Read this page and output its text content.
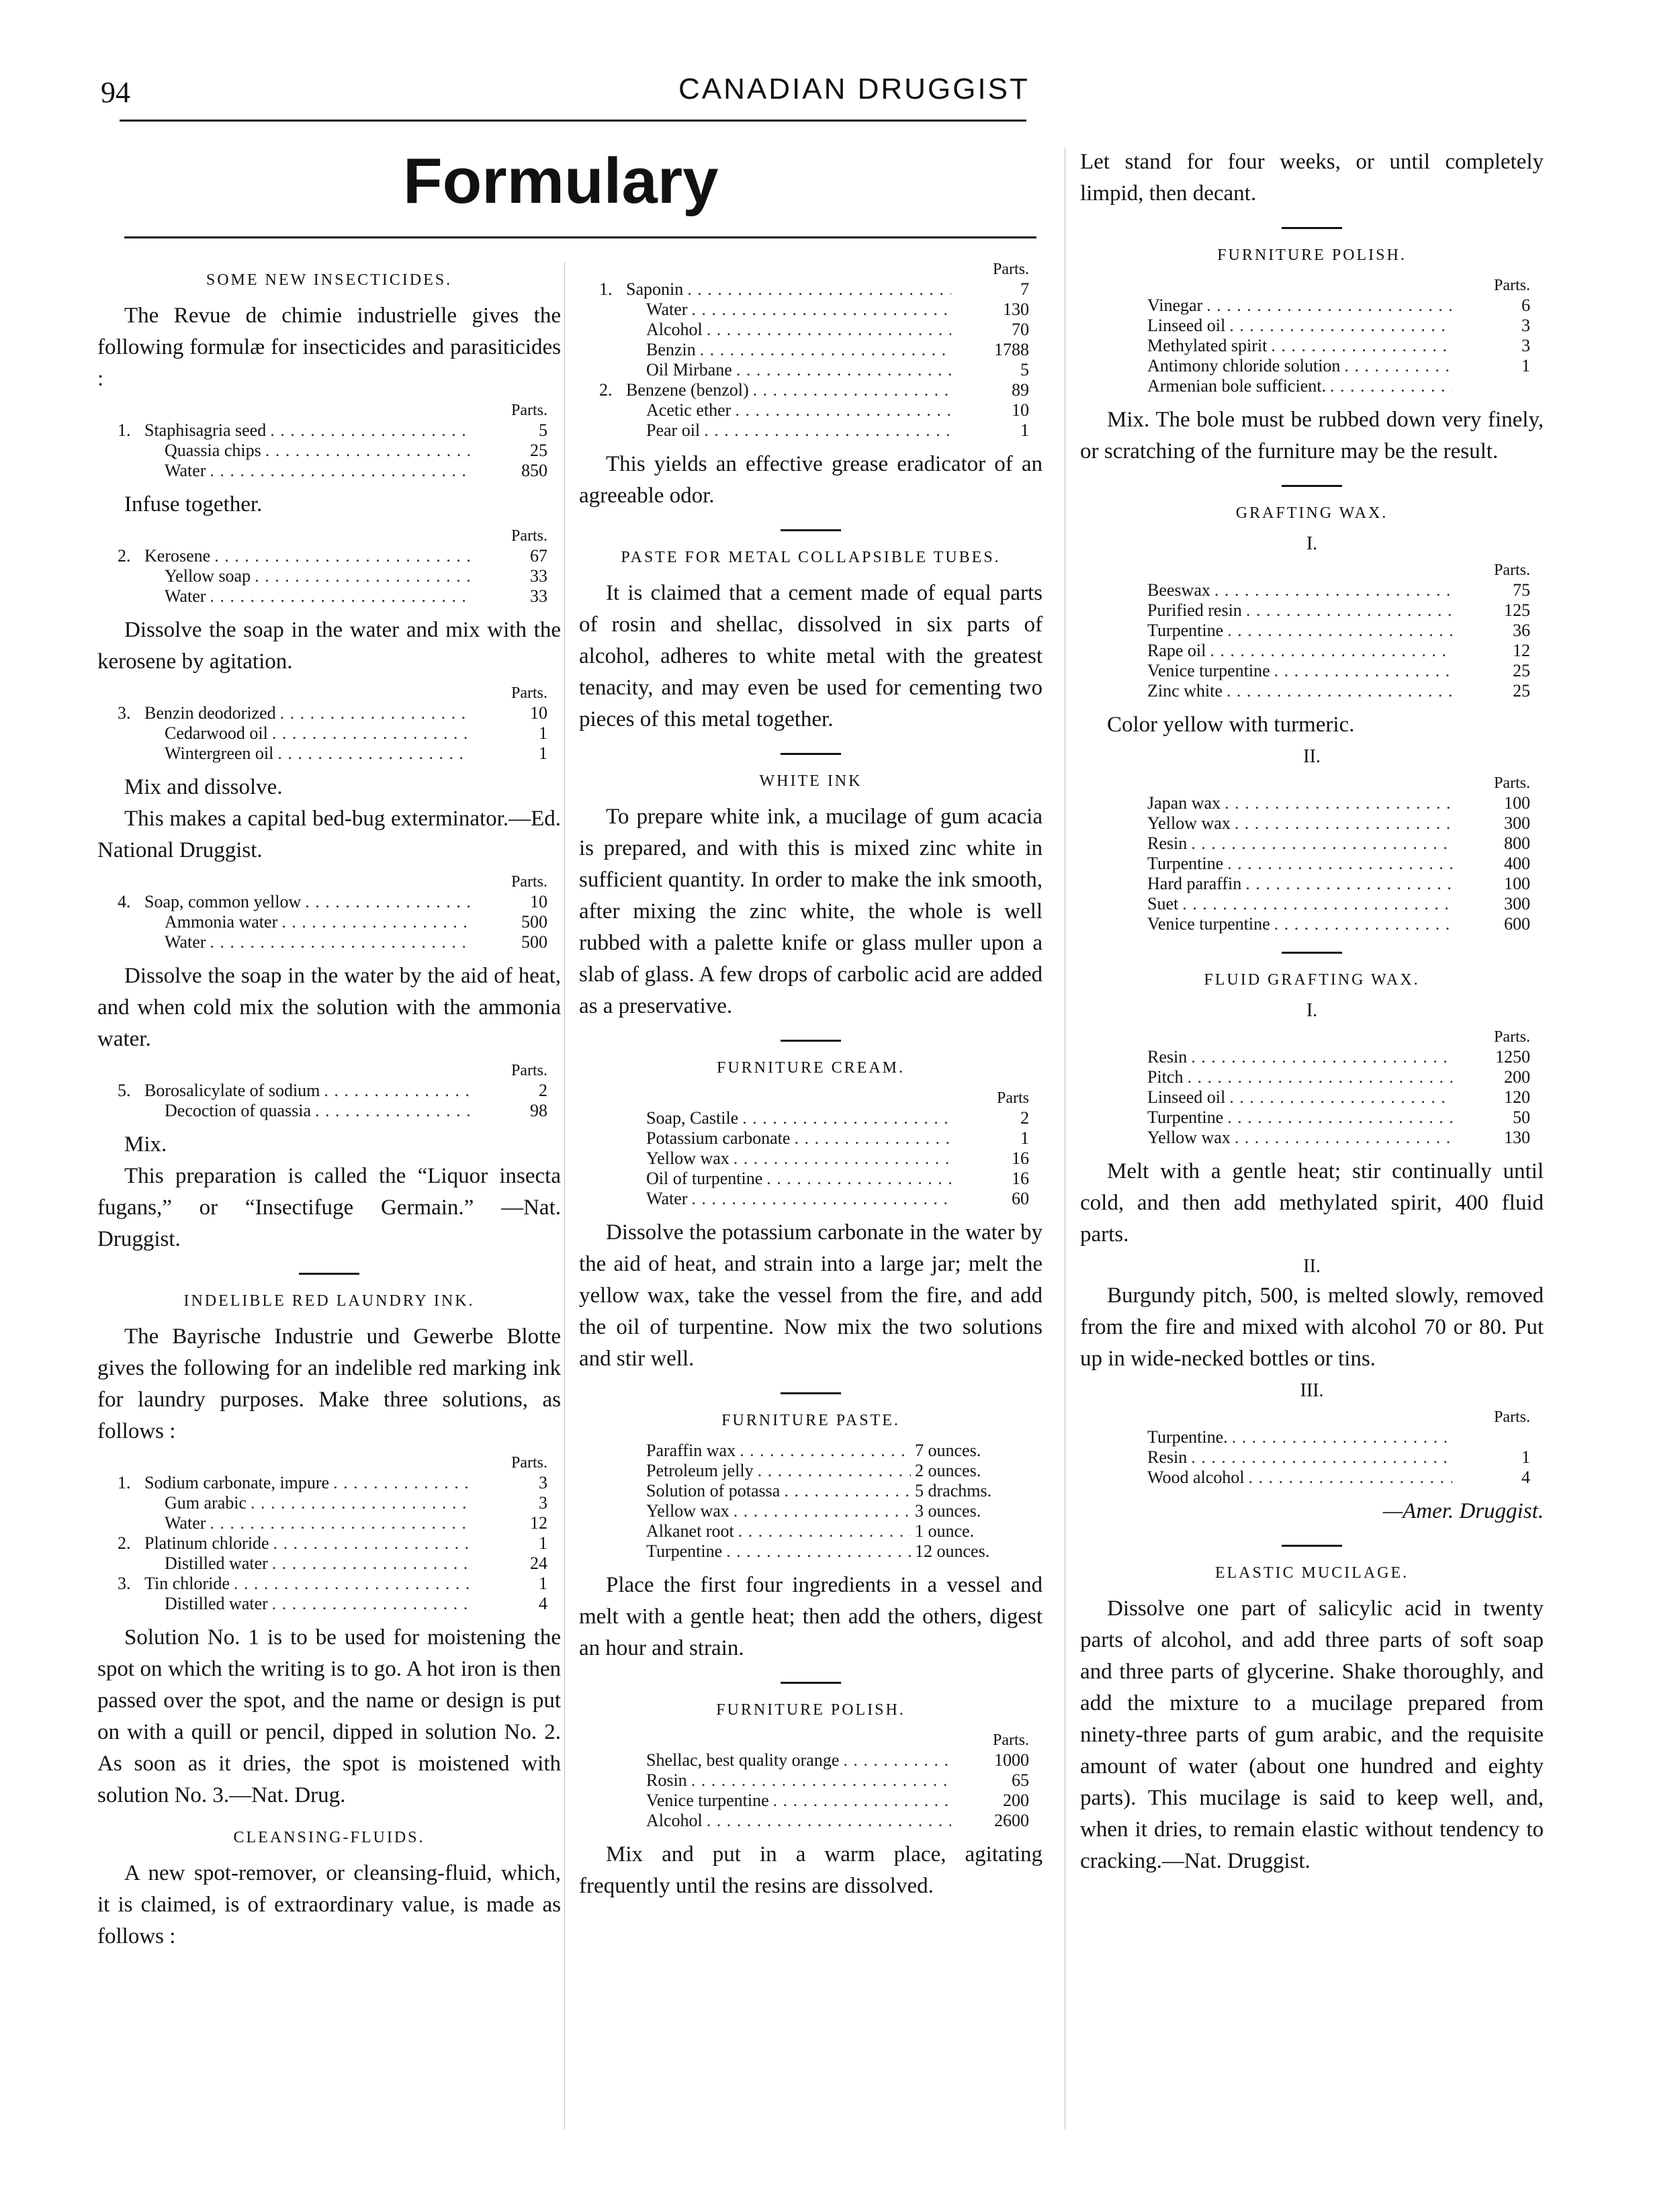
94	CANADIAN DRUGGIST
Formulary
SOME NEW INSECTICIDES.

The Revue de chimie industrielle gives the following formulæ for insecticides and parasiticides :

Parts.
1. Staphisagria seed . . .	5
Quassia chips . . .	25
Water . . .	850

Infuse together.

Parts.
2. Kerosene . . .	67
Yellow soap . . .	33
Water . . .	33

Dissolve the soap in the water and mix with the kerosene by agitation.

Parts.
3. Benzin deodorized . . .	10
Cedarwood oil . . .	1
Wintergreen oil . . .	1

Mix and dissolve.

This makes a capital bed-bug exterminator.—Ed. National Druggist.

Parts.
4. Soap, common yellow . . .	10
Ammonia water . . .	500
Water . . .	500

Dissolve the soap in the water by the aid of heat, and when cold mix the solution with the ammonia water.

Parts.
5. Borosalicylate of sodium . . .	2
Decoction of quassia . . .	98

Mix.

This preparation is called the “Liquor insecta fugans,” or “Insectifuge Germain.” —Nat. Druggist.

INDELIBLE RED LAUNDRY INK.

The Bayrische Industrie und Gewerbe Blotte gives the following for an indelible red marking ink for laundry purposes. Make three solutions, as follows :

Parts.
1. Sodium carbonate, impure . . .	3
Gum arabic . . .	3
Water . . .	12
2. Platinum chloride . . .	1
Distilled water . . .	24
3. Tin chloride . . .	1
Distilled water . . .	4

Solution No. 1 is to be used for moistening the spot on which the writing is to go. A hot iron is then passed over the spot, and the name or design is put on with a quill or pencil, dipped in solution No. 2. As soon as it dries, the spot is moistened with solution No. 3.—Nat. Drug.

CLEANSING-FLUIDS.

A new spot-remover, or cleansing-fluid, which, it is claimed, is of extraordinary value, is made as follows :

Parts.
1. Saponin . . .	7
Water . . .	130
Alcohol . . .	70
Benzin . . .	1788
Oil Mirbane . . .	5
2. Benzene (benzol) . . .	89
Acetic ether . . .	10
Pear oil . . .	1

This yields an effective grease eradicator of an agreeable odor.

PASTE FOR METAL COLLAPSIBLE TUBES.

It is claimed that a cement made of equal parts of rosin and shellac, dissolved in six parts of alcohol, adheres to white metal with the greatest tenacity, and may even be used for cementing two pieces of this metal together.

WHITE INK

To prepare white ink, a mucilage of gum acacia is prepared, and with this is mixed zinc white in sufficient quantity. In order to make the ink smooth, after mixing the zinc white, the whole is well rubbed with a palette knife or glass muller upon a slab of glass. A few drops of carbolic acid are added as a preservative.

FURNITURE CREAM.
Parts
Soap, Castile . . .	2
Potassium carbonate . . .	1
Yellow wax . . .	16
Oil of turpentine . . .	16
Water . . .	60

Dissolve the potassium carbonate in the water by the aid of heat, and strain into a large jar; melt the yellow wax, take the vessel from the fire, and add the oil of turpentine. Now mix the two solutions and stir well.

FURNITURE PASTE.
Paraffin wax . . .	7 ounces.
Petroleum jelly . . .	2 ounces.
Solution of potassa . . .	5 drachms.
Yellow wax . . .	3 ounces.
Alkanet root . . .	1 ounce.
Turpentine . . .	12 ounces.

Place the first four ingredients in a vessel and melt with a gentle heat; then add the others, digest an hour and strain.

FURNITURE POLISH.
Parts.
Shellac, best quality orange . . .	1000
Rosin . . .	65
Venice turpentine . . .	200
Alcohol . . .	2600

Mix and put in a warm place, agitating frequently until the resins are dissolved.

Let stand for four weeks, or until completely limpid, then decant.

FURNITURE POLISH.
Parts.
Vinegar . . .	6
Linseed oil . . .	3
Methylated spirit . . .	3
Antimony chloride solution . . .	1
Armenian bole sufficient.
. . .

Mix. The bole must be rubbed down very finely, or scratching of the furniture may be the result.

GRAFTING WAX.
I.
Parts.
Beeswax . . .	75
Purified resin . . .	125
Turpentine . . .	36
Rape oil . . .	12
Venice turpentine . . .	25
Zinc white . . .	25

Color yellow with turmeric.

II.
Parts.
Japan wax . . .	100
Yellow wax . . .	300
Resin . . .	800
Turpentine . . .	400
Hard paraffin . . .	100
Suet . . .	300
Venice turpentine . . .	600
FLUID GRAFTING WAX.
I.
Parts.
Resin . . .	1250
Pitch . . .	200
Linseed oil . . .	120
Turpentine . . .	50
Yellow wax . . .	130

Melt with a gentle heat; stir continually until cold, and then add methylated spirit, 400 fluid parts.

II.

Burgundy pitch, 500, is melted slowly, removed from the fire and mixed with alcohol 70 or 80. Put up in wide-necked bottles or tins.

III.
Parts.
Turpentine.
. . .
Resin . . .	1
Wood alcohol . . .	4

—Amer. Druggist.

ELASTIC MUCILAGE.

Dissolve one part of salicylic acid in twenty parts of alcohol, and add three parts of soft soap and three parts of glycerine. Shake thoroughly, and add the mixture to a mucilage prepared from ninety-three parts of gum arabic, and the requisite amount of water (about one hundred and eighty parts). This mucilage is said to keep well, and, when it dries, to remain elastic without tendency to cracking.—Nat. Druggist.
